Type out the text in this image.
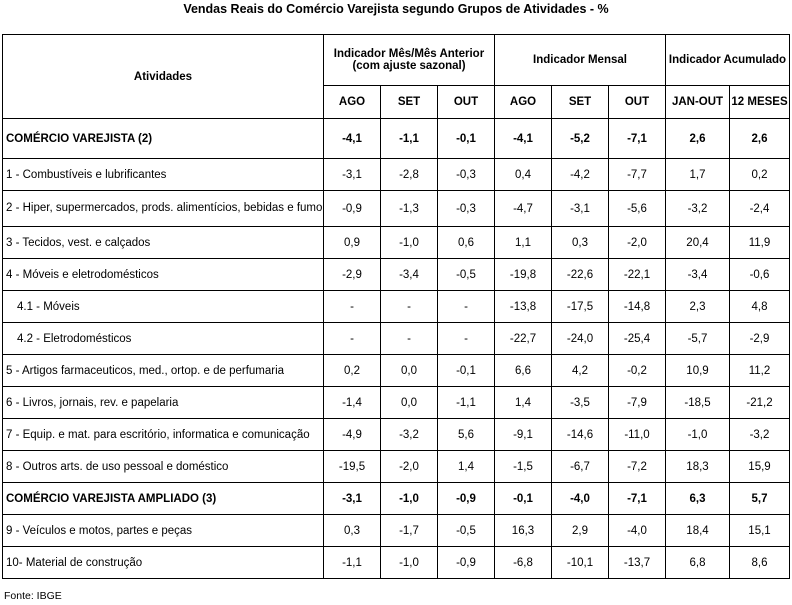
Vendas Reais do Comércio Varejista segundo Grupos de Atividades - %
Atividades	Indicador Mês/Mês Anterior (com ajuste sazonal)			Indicador Mensal			Indicador Acumulado	
	AGO	SET	OUT	AGO	SET	OUT	JAN-OUT	12 MESES
COMÉRCIO VAREJISTA (2)	-4,1	-1,1	-0,1	-4,1	-5,2	-7,1	2,6	2,6
1 - Combustíveis e lubrificantes	-3,1	-2,8	-0,3	0,4	-4,2	-7,7	1,7	0,2
2 - Hiper, supermercados, prods. alimentícios, bebidas e fumo	-0,9	-1,3	-0,3	-4,7	-3,1	-5,6	-3,2	-2,4
3 - Tecidos, vest. e calçados	0,9	-1,0	0,6	1,1	0,3	-2,0	20,4	11,9
4 - Móveis e eletrodomésticos	-2,9	-3,4	-0,5	-19,8	-22,6	-22,1	-3,4	-0,6
4.1 - Móveis	-	-	-	-13,8	-17,5	-14,8	2,3	4,8
4.2 - Eletrodomésticos	-	-	-	-22,7	-24,0	-25,4	-5,7	-2,9
5 - Artigos farmaceuticos, med., ortop. e de perfumaria	0,2	0,0	-0,1	6,6	4,2	-0,2	10,9	11,2
6 - Livros, jornais, rev. e papelaria	-1,4	0,0	-1,1	1,4	-3,5	-7,9	-18,5	-21,2
7 - Equip. e mat. para escritório, informatica e comunicação	-4,9	-3,2	5,6	-9,1	-14,6	-11,0	-1,0	-3,2
8 - Outros arts. de uso pessoal e doméstico	-19,5	-2,0	1,4	-1,5	-6,7	-7,2	18,3	15,9
COMÉRCIO VAREJISTA AMPLIADO (3)	-3,1	-1,0	-0,9	-0,1	-4,0	-7,1	6,3	5,7
9 - Veículos e motos, partes e peças	0,3	-1,7	-0,5	16,3	2,9	-4,0	18,4	15,1
10- Material de construção	-1,1	-1,0	-0,9	-6,8	-10,1	-13,7	6,8	8,6
Fonte: IBGE
